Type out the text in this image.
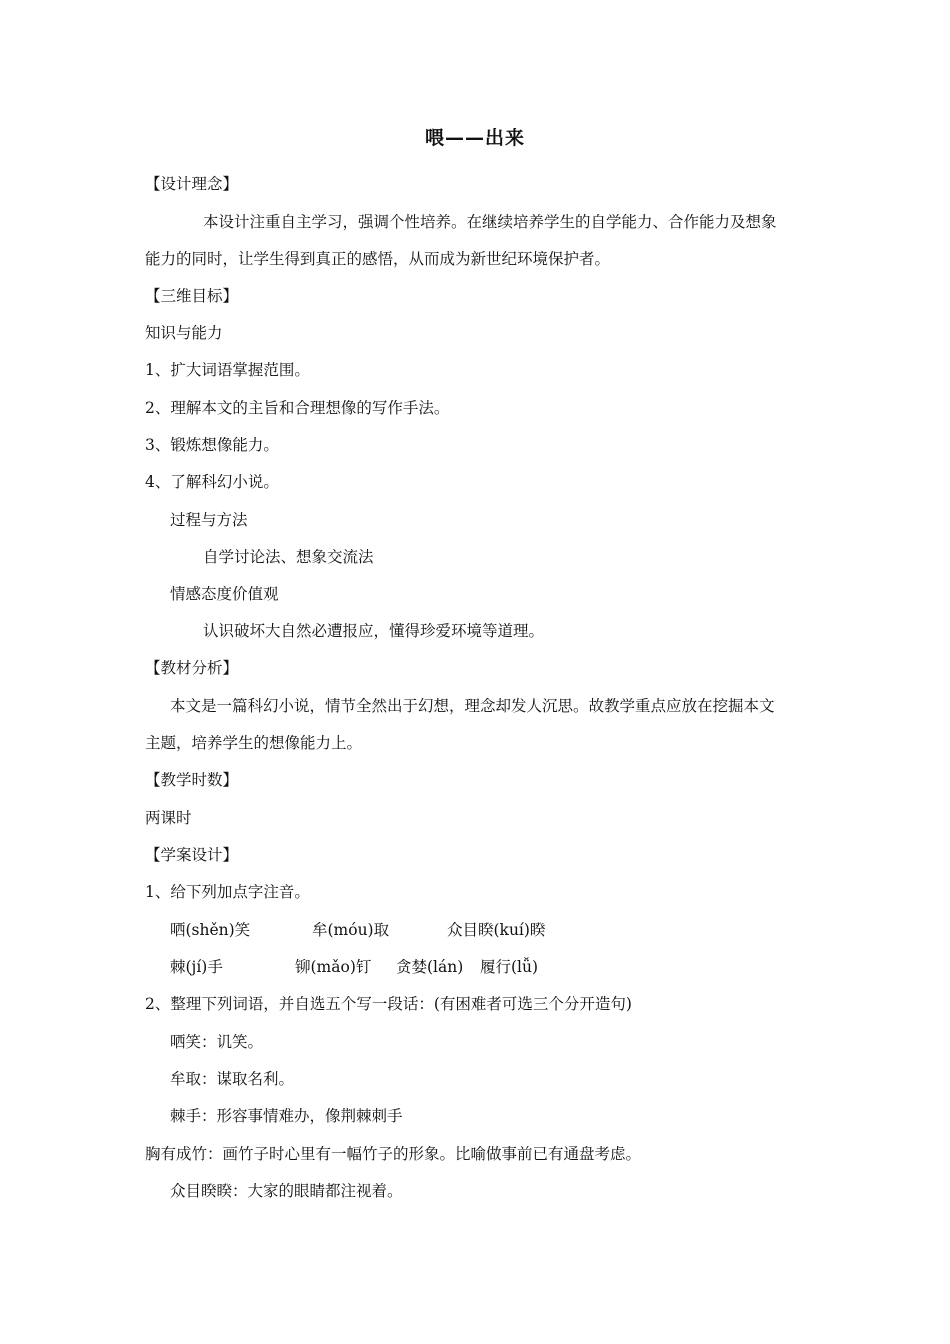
喂——出来
【设计理念】
本设计注重自主学习，强调个性培养。在继续培养学生的自学能力、合作能力及想象
能力的同时，让学生得到真正的感悟，从而成为新世纪环境保护者。
【三维目标】
知识与能力
1、扩大词语掌握范围。
2、理解本文的主旨和合理想像的写作手法。
3、锻炼想像能力。
4、了解科幻小说。
过程与方法
自学讨论法、想象交流法
情感态度价值观
认识破坏大自然必遭报应，懂得珍爱环境等道理。
【教材分析】
本文是一篇科幻小说，情节全然出于幻想，理念却发人沉思。故教学重点应放在挖掘本文
主题，培养学生的想像能力上。
【教学时数】
两课时
【学案设计】
1、给下列加点字注音。
哂(shěn)笑	牟(móu)取	众目睽(kuí)睽
棘(jí)手	铆(mǎo)钉 贪婪(lán) 履行(lǚ)
2、整理下列词语，并自选五个写一段话：(有困难者可选三个分开造句)
哂笑：讥笑。
牟取：谋取名利。
棘手：形容事情难办，像荆棘刺手
胸有成竹：画竹子时心里有一幅竹子的形象。比喻做事前已有通盘考虑。
众目睽睽：大家的眼睛都注视着。
